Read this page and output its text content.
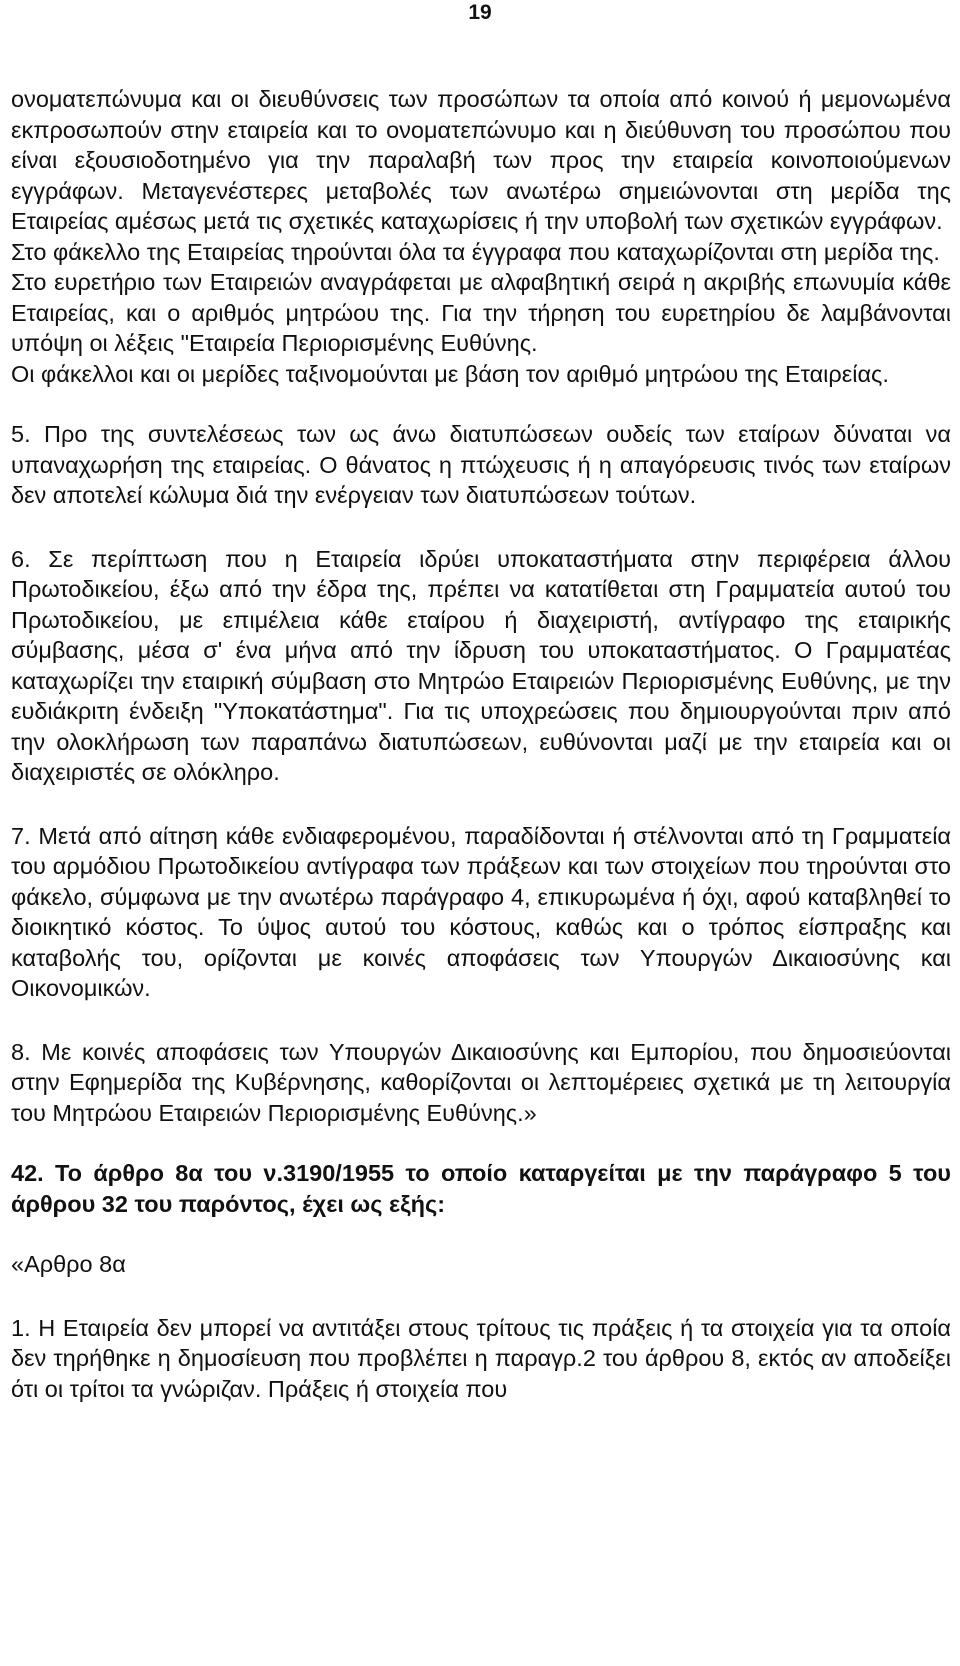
19

ονοματεπώνυμα και οι διευθύνσεις των προσώπων τα οποία από κοινού ή μεμονωμένα εκπροσωπούν στην εταιρεία και το ονοματεπώνυμο και η διεύθυνση του προσώπου που είναι εξουσιοδοτημένο για την παραλαβή των προς την εταιρεία κοινοποιούμενων εγγράφων. Μεταγενέστερες μεταβολές των ανωτέρω σημειώνονται στη μερίδα της Εταιρείας αμέσως μετά τις σχετικές καταχωρίσεις ή την υποβολή των σχετικών εγγράφων.

Στο φάκελλο της Εταιρείας τηρούνται όλα τα έγγραφα που καταχωρίζονται στη μερίδα της.

Στο ευρετήριο των Εταιρειών αναγράφεται με αλφαβητική σειρά η ακριβής επωνυμία κάθε Εταιρείας, και ο αριθμός μητρώου της. Για την τήρηση του ευρετηρίου δε λαμβάνονται υπόψη οι λέξεις "Εταιρεία Περιορισμένης Ευθύνης.

Οι φάκελλοι και οι μερίδες ταξινομούνται με βάση τον αριθμό μητρώου της Εταιρείας.

5. Προ της συντελέσεως των ως άνω διατυπώσεων ουδείς των εταίρων δύναται να υπαναχωρήση της εταιρείας. Ο θάνατος η πτώχευσις ή η απαγόρευσις τινός των εταίρων δεν αποτελεί κώλυμα διά την ενέργειαν των διατυπώσεων τούτων.

6. Σε περίπτωση που η Εταιρεία ιδρύει υποκαταστήματα στην περιφέρεια άλλου Πρωτοδικείου, έξω από την έδρα της, πρέπει να κατατίθεται στη Γραμματεία αυτού του Πρωτοδικείου, με επιμέλεια κάθε εταίρου ή διαχειριστή, αντίγραφο της εταιρικής σύμβασης, μέσα σ' ένα μήνα από την ίδρυση του υποκαταστήματος. Ο Γραμματέας καταχωρίζει την εταιρική σύμβαση στο Μητρώο Εταιρειών Περιορισμένης Ευθύνης, με την ευδιάκριτη ένδειξη "Υποκατάστημα". Για τις υποχρεώσεις που δημιουργούνται πριν από την ολοκλήρωση των παραπάνω διατυπώσεων, ευθύνονται μαζί με την εταιρεία και οι διαχειριστές σε ολόκληρο.

7. Μετά από αίτηση κάθε ενδιαφερομένου, παραδίδονται ή στέλνονται από τη Γραμματεία του αρμόδιου Πρωτοδικείου αντίγραφα των πράξεων και των στοιχείων που τηρούνται στο φάκελο, σύμφωνα με την ανωτέρω παράγραφο 4, επικυρωμένα ή όχι, αφού καταβληθεί το διοικητικό κόστος. Το ύψος αυτού του κόστους, καθώς και ο τρόπος είσπραξης και καταβολής του, ορίζονται με κοινές αποφάσεις των Υπουργών Δικαιοσύνης και Οικονομικών.

8. Με κοινές αποφάσεις των Υπουργών Δικαιοσύνης και Εμπορίου, που δημοσιεύονται στην Εφημερίδα της Κυβέρνησης, καθορίζονται οι λεπτομέρειες σχετικά με τη λειτουργία του Μητρώου Εταιρειών Περιορισμένης Ευθύνης.»

42. Το άρθρο 8α του ν.3190/1955 το οποίο καταργείται με την παράγραφο 5 του άρθρου 32 του παρόντος, έχει ως εξής:

«Αρθρο 8α

1. Η Εταιρεία δεν μπορεί να αντιτάξει στους τρίτους τις πράξεις ή τα στοιχεία για τα οποία δεν τηρήθηκε η δημοσίευση που προβλέπει η παραγρ.2 του άρθρου 8, εκτός αν αποδείξει ότι οι τρίτοι τα γνώριζαν. Πράξεις ή στοιχεία που
